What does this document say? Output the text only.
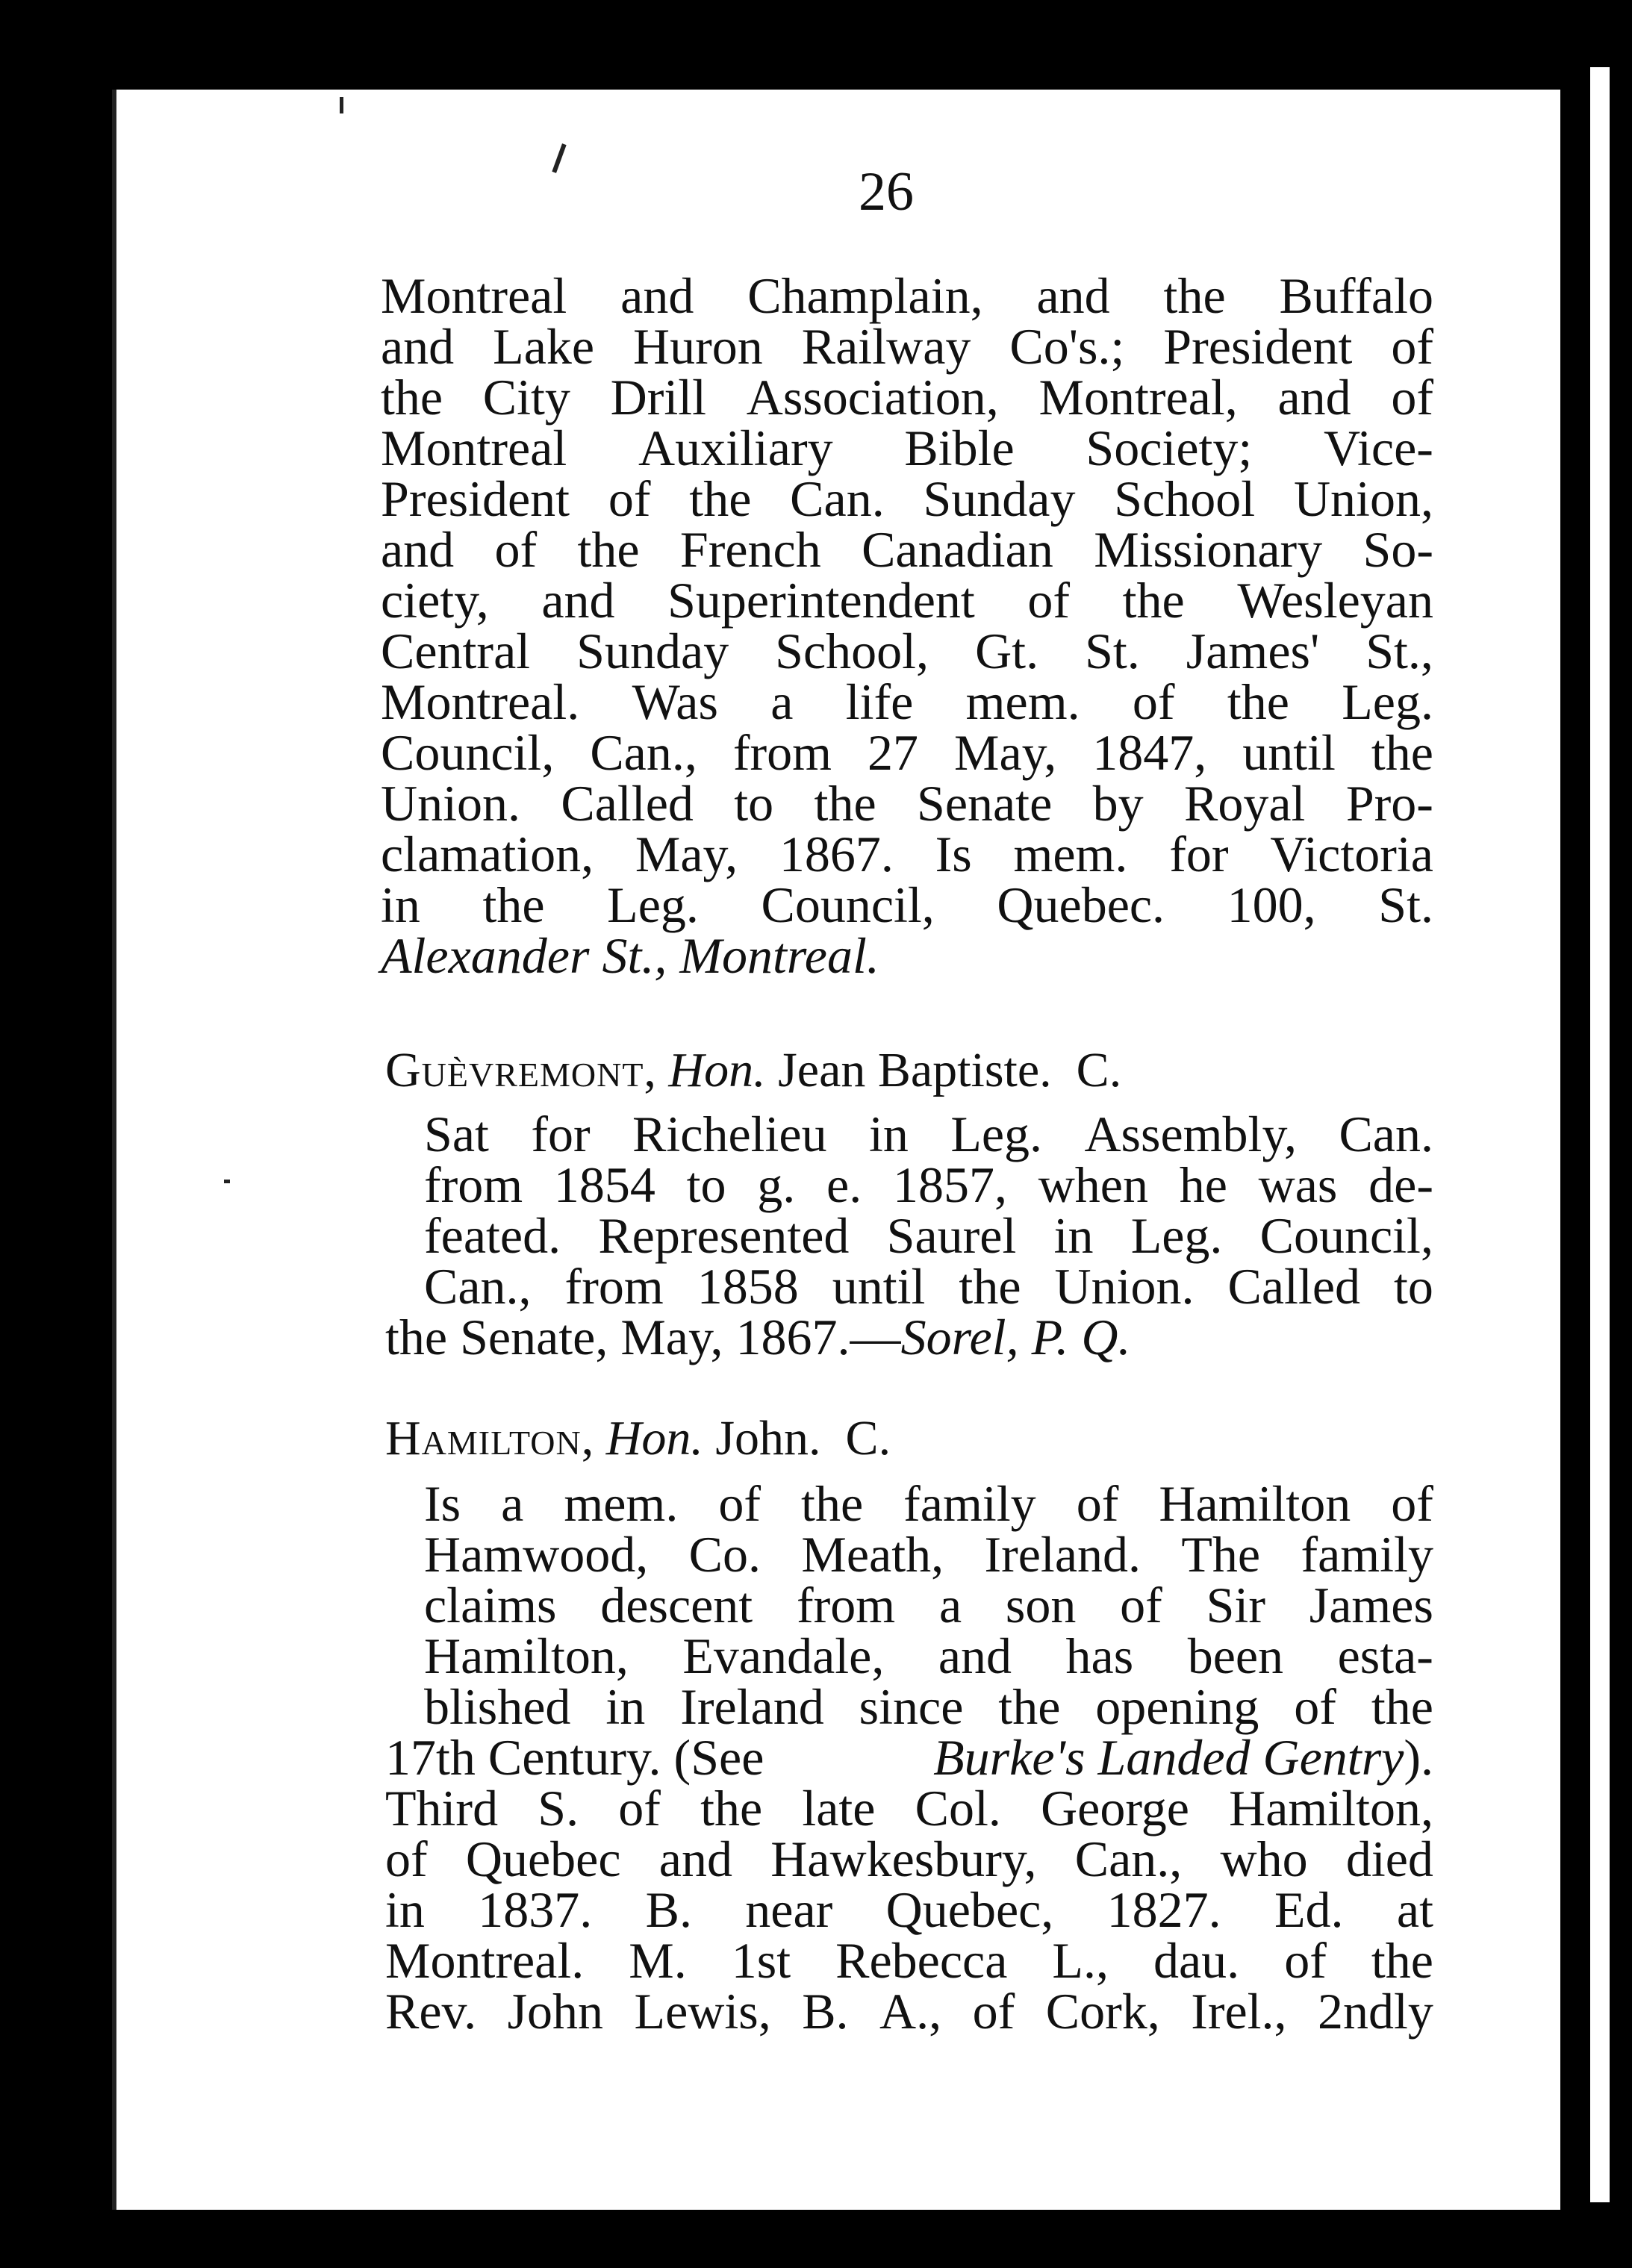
26
Montreal and Champlain, and the Buffalo
and Lake Huron Railway Co's.; President of
the City Drill Association, Montreal, and of
Montreal Auxiliary Bible Society; Vice-
President of the Can. Sunday School Union,
and of the French Canadian Missionary So-
ciety, and Superintendent of the Wesleyan
Central Sunday School, Gt. St. James' St.,
Montreal. Was a life mem. of the Leg.
Council, Can., from 27 May, 1847, until the
Union. Called to the Senate by Royal Pro-
clamation, May, 1867. Is mem. for Victoria
in the Leg. Council, Quebec. 100, St.
Alexander St., Montreal.
Guèvremont, Hon. Jean Baptiste. C.
Sat for Richelieu in Leg. Assembly, Can.
from 1854 to g. e. 1857, when he was de-
feated. Represented Saurel in Leg. Council,
Can., from 1858 until the Union. Called to
the Senate, May, 1867.— Sorel, P. Q.
Hamilton, Hon. John. C.
Is a mem. of the family of Hamilton of
Hamwood, Co. Meath, Ireland. The family
claims descent from a son of Sir James
Hamilton, Evandale, and has been esta-
blished in Ireland since the opening of the
17th Century. (See	Burke's Landed Gentry).
Third S. of the late Col. George Hamilton,
of Quebec and Hawkesbury, Can., who died
in 1837. B. near Quebec, 1827. Ed. at
Montreal. M. 1st Rebecca L., dau. of the
Rev. John Lewis, B. A., of Cork, Irel., 2ndly
